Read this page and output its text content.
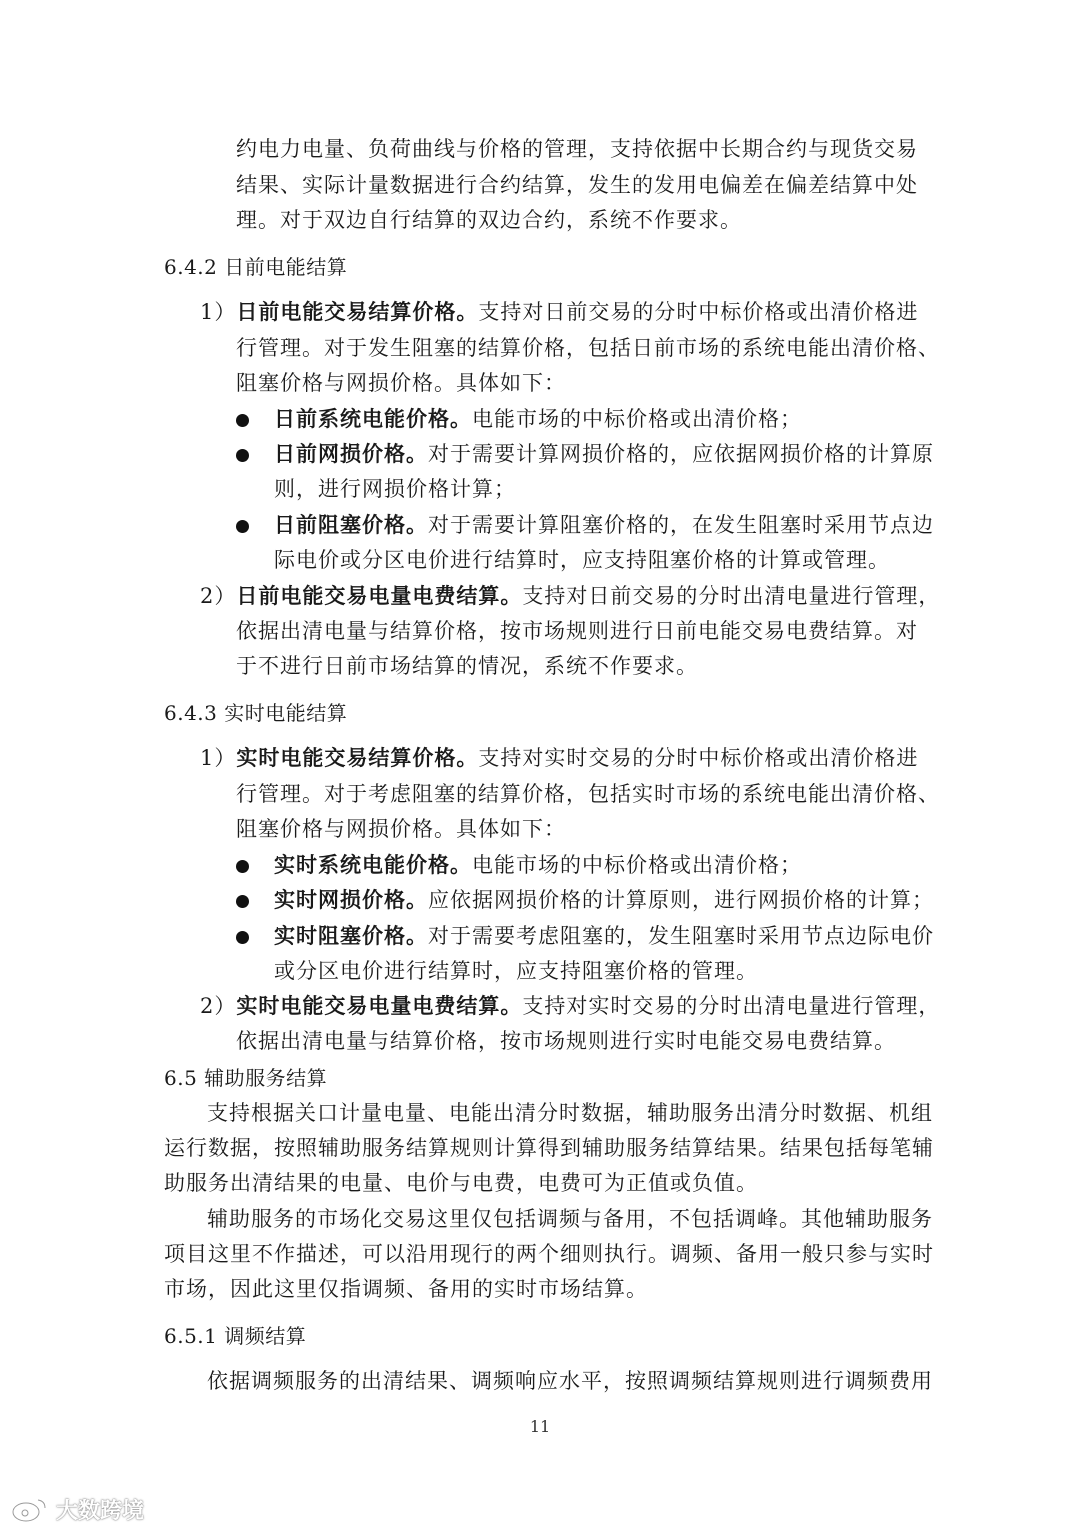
约电力电量、负荷曲线与价格的管理，支持依据中长期合约与现货交易
结果、实际计量数据进行合约结算，发生的发用电偏差在偏差结算中处
理。对于双边自行结算的双边合约，系统不作要求。
6.4.2 日前电能结算
1）日前电能交易结算价格。支持对日前交易的分时中标价格或出清价格进
行管理。对于发生阻塞的结算价格，包括日前市场的系统电能出清价格、
阻塞价格与网损价格。具体如下：
日前系统电能价格。电能市场的中标价格或出清价格；
日前网损价格。对于需要计算网损价格的，应依据网损价格的计算原
则，进行网损价格计算；
日前阻塞价格。对于需要计算阻塞价格的，在发生阻塞时采用节点边
际电价或分区电价进行结算时，应支持阻塞价格的计算或管理。
2）日前电能交易电量电费结算。支持对日前交易的分时出清电量进行管理，
依据出清电量与结算价格，按市场规则进行日前电能交易电费结算。对
于不进行日前市场结算的情况，系统不作要求。
6.4.3 实时电能结算
1）实时电能交易结算价格。支持对实时交易的分时中标价格或出清价格进
行管理。对于考虑阻塞的结算价格，包括实时市场的系统电能出清价格、
阻塞价格与网损价格。具体如下：
实时系统电能价格。电能市场的中标价格或出清价格；
实时网损价格。应依据网损价格的计算原则，进行网损价格的计算；
实时阻塞价格。对于需要考虑阻塞的，发生阻塞时采用节点边际电价
或分区电价进行结算时，应支持阻塞价格的管理。
2）实时电能交易电量电费结算。支持对实时交易的分时出清电量进行管理，
依据出清电量与结算价格，按市场规则进行实时电能交易电费结算。
6.5 辅助服务结算
支持根据关口计量电量、电能出清分时数据，辅助服务出清分时数据、机组
运行数据，按照辅助服务结算规则计算得到辅助服务结算结果。结果包括每笔辅
助服务出清结果的电量、电价与电费，电费可为正值或负值。
辅助服务的市场化交易这里仅包括调频与备用，不包括调峰。其他辅助服务
项目这里不作描述，可以沿用现行的两个细则执行。调频、备用一般只参与实时
市场，因此这里仅指调频、备用的实时市场结算。
6.5.1 调频结算
依据调频服务的出清结果、调频响应水平，按照调频结算规则进行调频费用
11
大数跨境
